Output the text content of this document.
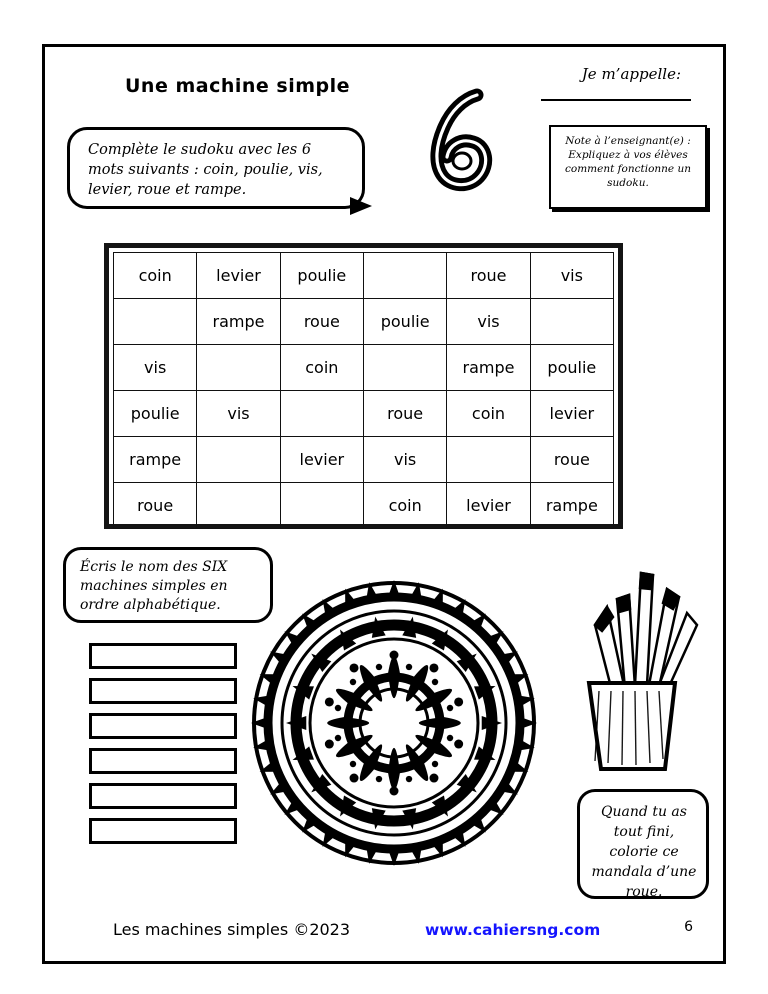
Une machine simple
Je m’appelle:
Complète le sudoku avec les 6 mots suivants : coin, poulie, vis, levier, roue et rampe.
Note à l’enseignant(e) : Expliquez à vos élèves comment fonctionne un sudoku.
coin	levier	poulie		roue	vis
	rampe	roue	poulie	vis	
vis		coin		rampe	poulie
poulie	vis		roue	coin	levier
rampe		levier	vis		roue
roue			coin	levier	rampe
Écris le nom des SIX machines simples en ordre alphabétique.
Quand tu as tout fini, colorie ce mandala d’une roue.
Les machines simples ©2023	www.cahiersng.com	6
